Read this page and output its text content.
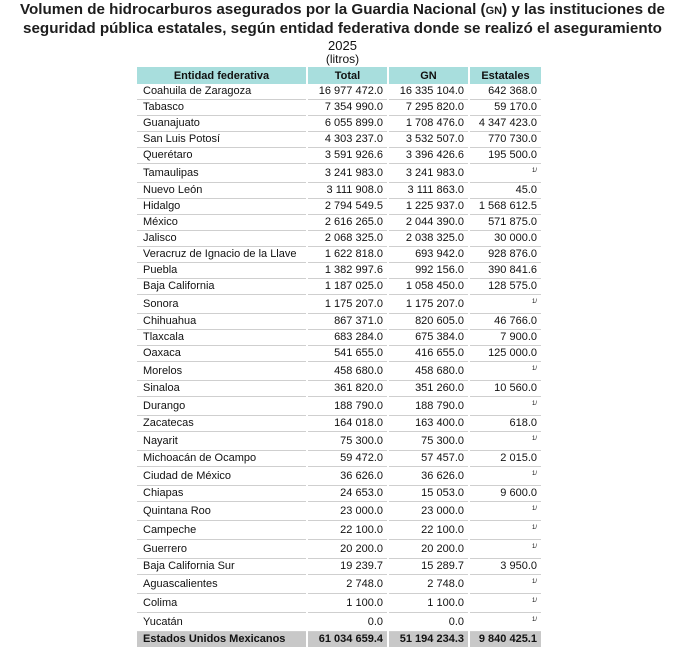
Volumen de hidrocarburos asegurados por la Guardia Nacional (GN) y las instituciones de seguridad pública estatales, según entidad federativa donde se realizó el aseguramiento
2025
(litros)
Entidad federativa	Total	GN	Estatales
Coahuila de Zaragoza	16 977 472.0	16 335 104.0	642 368.0
Tabasco	7 354 990.0	7 295 820.0	59 170.0
Guanajuato	6 055 899.0	1 708 476.0	4 347 423.0
San Luis Potosí	4 303 237.0	3 532 507.0	770 730.0
Querétaro	3 591 926.6	3 396 426.6	195 500.0
Tamaulipas	3 241 983.0	3 241 983.0	$^{1/}$
Nuevo León	3 111 908.0	3 111 863.0	45.0
Hidalgo	2 794 549.5	1 225 937.0	1 568 612.5
México	2 616 265.0	2 044 390.0	571 875.0
Jalisco	2 068 325.0	2 038 325.0	30 000.0
Veracruz de Ignacio de la Llave	1 622 818.0	693 942.0	928 876.0
Puebla	1 382 997.6	992 156.0	390 841.6
Baja California	1 187 025.0	1 058 450.0	128 575.0
Sonora	1 175 207.0	1 175 207.0	$^{1/}$
Chihuahua	867 371.0	820 605.0	46 766.0
Tlaxcala	683 284.0	675 384.0	7 900.0
Oaxaca	541 655.0	416 655.0	125 000.0
Morelos	458 680.0	458 680.0	$^{1/}$
Sinaloa	361 820.0	351 260.0	10 560.0
Durango	188 790.0	188 790.0	$^{1/}$
Zacatecas	164 018.0	163 400.0	618.0
Nayarit	75 300.0	75 300.0	$^{1/}$
Michoacán de Ocampo	59 472.0	57 457.0	2 015.0
Ciudad de México	36 626.0	36 626.0	$^{1/}$
Chiapas	24 653.0	15 053.0	9 600.0
Quintana Roo	23 000.0	23 000.0	$^{1/}$
Campeche	22 100.0	22 100.0	$^{1/}$
Guerrero	20 200.0	20 200.0	$^{1/}$
Baja California Sur	19 239.7	15 289.7	3 950.0
Aguascalientes	2 748.0	2 748.0	$^{1/}$
Colima	1 100.0	1 100.0	$^{1/}$
Yucatán	0.0	0.0	$^{1/}$
Estados Unidos Mexicanos	61 034 659.4	51 194 234.3	9 840 425.1
